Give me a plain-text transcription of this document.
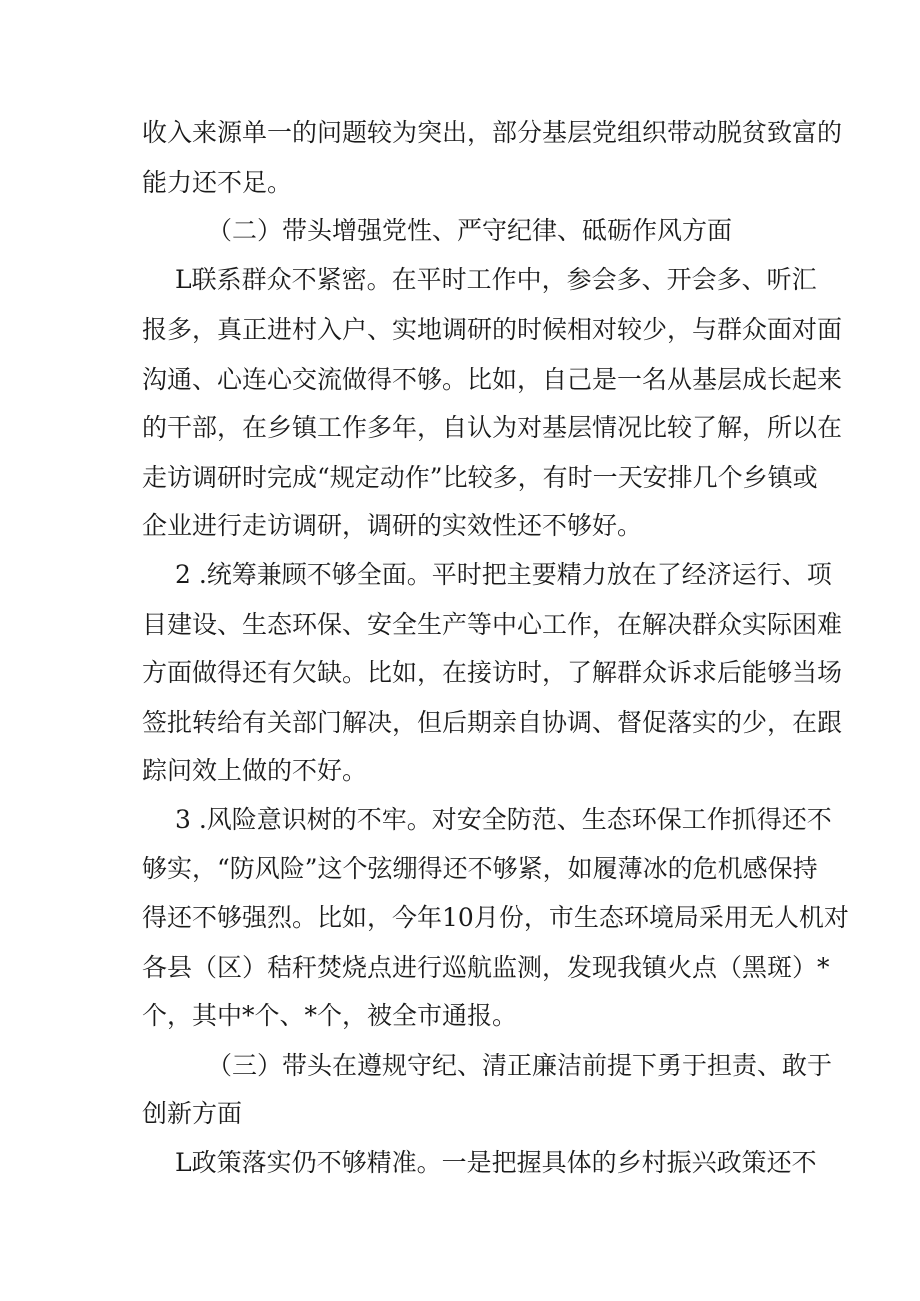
收入来源单一的问题较为突出，部分基层党组织带动脱贫致富的

能力还不足。

（二）带头增强党性、严守纪律、砥砺作风方面

L联系群众不紧密。在平时工作中，参会多、开会多、听汇

报多，真正进村入户、实地调研的时候相对较少，与群众面对面

沟通、心连心交流做得不够。比如，自己是一名从基层成长起来

的干部，在乡镇工作多年，自认为对基层情况比较了解，所以在

走访调研时完成“规定动作”比较多，有时一天安排几个乡镇或

企业进行走访调研，调研的实效性还不够好。

2 .统筹兼顾不够全面。平时把主要精力放在了经济运行、项

目建设、生态环保、安全生产等中心工作，在解决群众实际困难

方面做得还有欠缺。比如，在接访时，了解群众诉求后能够当场

签批转给有关部门解决，但后期亲自协调、督促落实的少，在跟

踪问效上做的不好。

3 .风险意识树的不牢。对安全防范、生态环保工作抓得还不

够实，“防风险”这个弦绷得还不够紧，如履薄冰的危机感保持

得还不够强烈。比如，今年10月份，市生态环境局采用无人机对

各县（区）秸秆焚烧点进行巡航监测，发现我镇火点（黑斑）*

个，其中*个、*个，被全市通报。

（三）带头在遵规守纪、清正廉洁前提下勇于担责、敢于

创新方面

L政策落实仍不够精准。一是把握具体的乡村振兴政策还不
